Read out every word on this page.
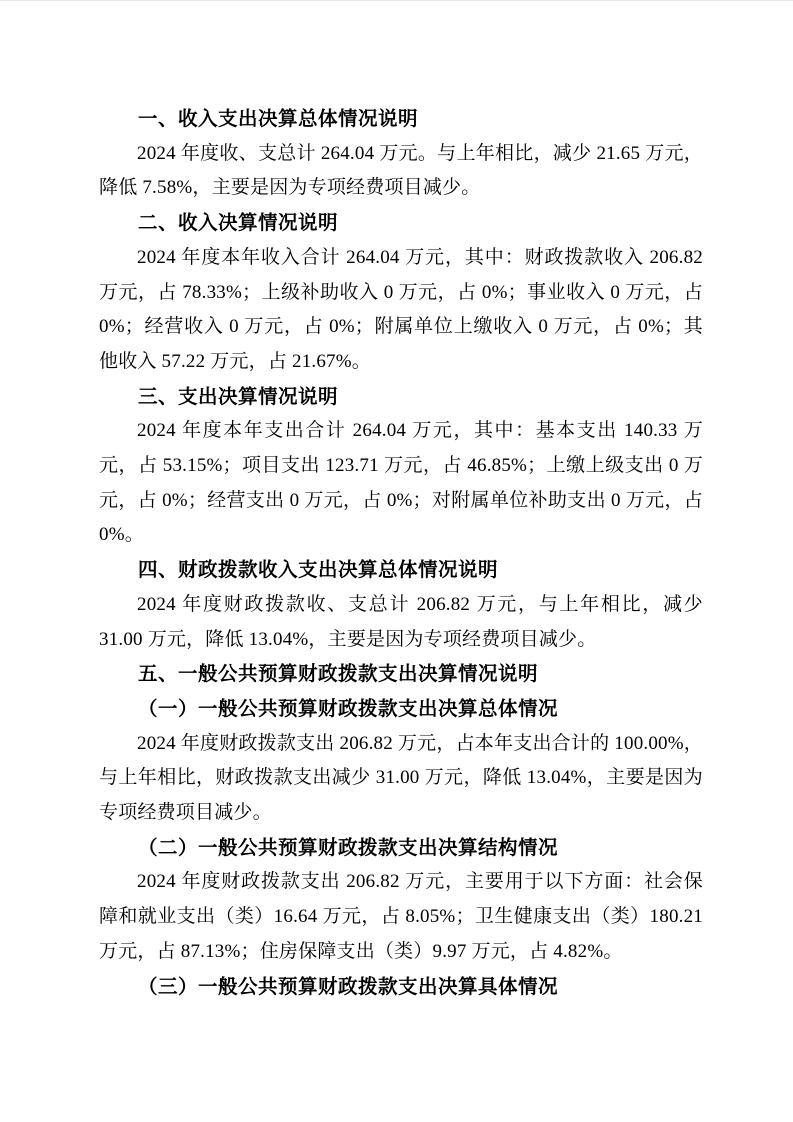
一、收入支出决算总体情况说明

2024 年度收、支总计 264.04 万元。与上年相比，减少 21.65 万元，降低 7.58%，主要是因为专项经费项目减少。

二、收入决算情况说明

2024 年度本年收入合计 264.04 万元，其中：财政拨款收入 206.82 万元，占 78.33%；上级补助收入 0 万元，占 0%；事业收入 0 万元，占 0%；经营收入 0 万元，占 0%；附属单位上缴收入 0 万元，占 0%；其他收入 57.22 万元，占 21.67%。

三、支出决算情况说明

2024 年度本年支出合计 264.04 万元，其中：基本支出 140.33 万元，占 53.15%；项目支出 123.71 万元，占 46.85%；上缴上级支出 0 万元，占 0%；经营支出 0 万元，占 0%；对附属单位补助支出 0 万元，占 0%。

四、财政拨款收入支出决算总体情况说明

2024 年度财政拨款收、支总计 206.82 万元，与上年相比，减少 31.00 万元，降低 13.04%，主要是因为专项经费项目减少。

五、一般公共预算财政拨款支出决算情况说明
（一）一般公共预算财政拨款支出决算总体情况

2024 年度财政拨款支出 206.82 万元，占本年支出合计的 100.00%，与上年相比，财政拨款支出减少 31.00 万元，降低 13.04%，主要是因为专项经费项目减少。

（二）一般公共预算财政拨款支出决算结构情况

2024 年度财政拨款支出 206.82 万元，主要用于以下方面：社会保障和就业支出（类）16.64 万元，占 8.05%；卫生健康支出（类）180.21 万元，占 87.13%；住房保障支出（类）9.97 万元，占 4.82%。

（三）一般公共预算财政拨款支出决算具体情况
